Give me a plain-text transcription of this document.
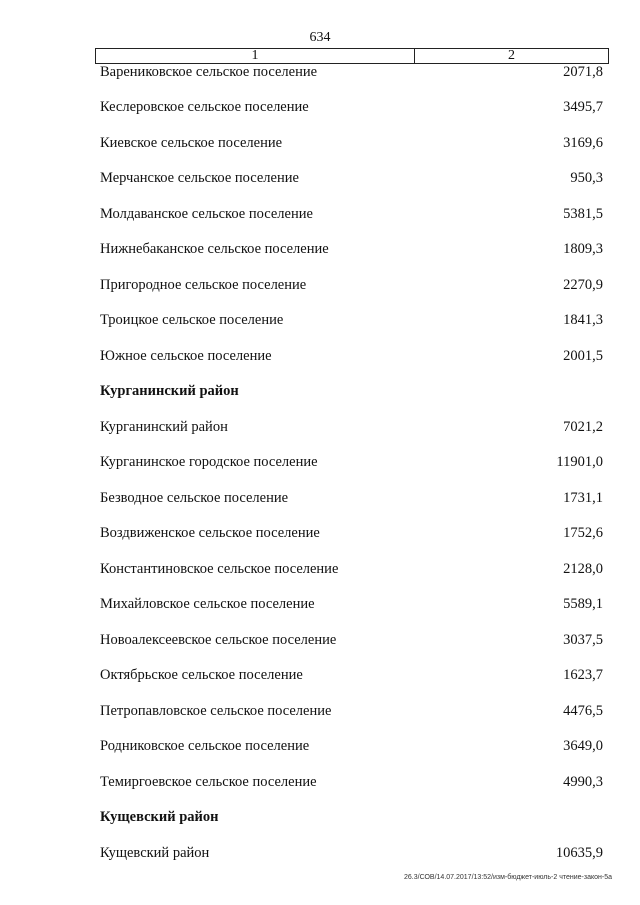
634
1	2
Варениковское сельское поселение	2071,8
Кеслеровское сельское поселение	3495,7
Киевское сельское поселение	3169,6
Мерчанское сельское поселение	950,3
Молдаванское сельское поселение	5381,5
Нижнебаканское сельское поселение	1809,3
Пригородное сельское поселение	2270,9
Троицкое сельское поселение	1841,3
Южное сельское поселение	2001,5
Курганинский район
Курганинский район	7021,2
Курганинское городское поселение	11901,0
Безводное сельское поселение	1731,1
Воздвиженское сельское поселение	1752,6
Константиновское сельское поселение	2128,0
Михайловское сельское поселение	5589,1
Новоалексеевское сельское поселение	3037,5
Октябрьское сельское поселение	1623,7
Петропавловское сельское поселение	4476,5
Родниковское сельское поселение	3649,0
Темиргоевское сельское поселение	4990,3
Кущевский район
Кущевский район	10635,9
26.3/СОВ/14.07.2017/13:52/изм-бюджет-июль-2 чтение-закон-5а
